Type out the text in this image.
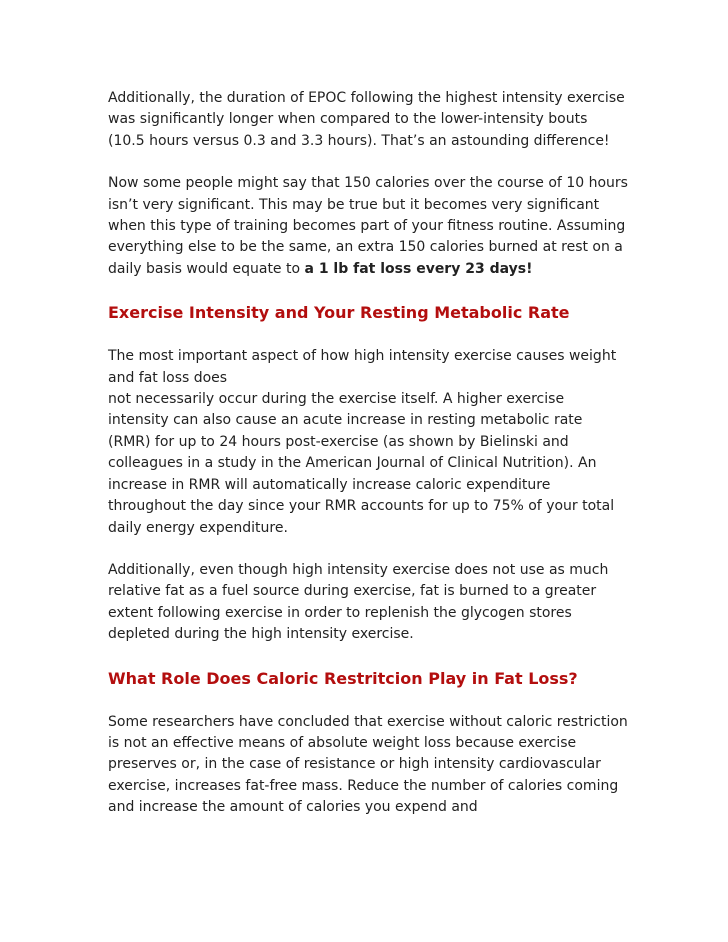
Additionally, the duration of EPOC following the highest intensity exercise was significantly longer when compared to the lower-intensity bouts (10.5 hours versus 0.3 and 3.3 hours). That’s an astounding difference!

Now some people might say that 150 calories over the course of 10 hours isn’t very significant. This may be true but it becomes very significant when this type of training becomes part of your fitness routine. Assuming everything else to be the same, an extra 150 calories burned at rest on a daily basis would equate to a 1 lb fat loss every 23 days!

Exercise Intensity and Your Resting Metabolic Rate

The most important aspect of how high intensity exercise causes weight and fat loss does
not necessarily occur during the exercise itself. A higher exercise intensity can also cause an acute increase in resting metabolic rate (RMR) for up to 24 hours post-exercise (as shown by Bielinski and colleagues in a study in the American Journal of Clinical Nutrition). An increase in RMR will automatically increase caloric expenditure throughout the day since your RMR accounts for up to 75% of your total daily energy expenditure.

Additionally, even though high intensity exercise does not use as much relative fat as a fuel source during exercise, fat is burned to a greater extent following exercise in order to replenish the glycogen stores depleted during the high intensity exercise.

What Role Does Caloric Restritcion Play in Fat Loss?

Some researchers have concluded that exercise without caloric restriction is not an effective means of absolute weight loss because exercise preserves or, in the case of resistance or high intensity cardiovascular exercise, increases fat-free mass. Reduce the number of calories coming and increase the amount of calories you expend and
